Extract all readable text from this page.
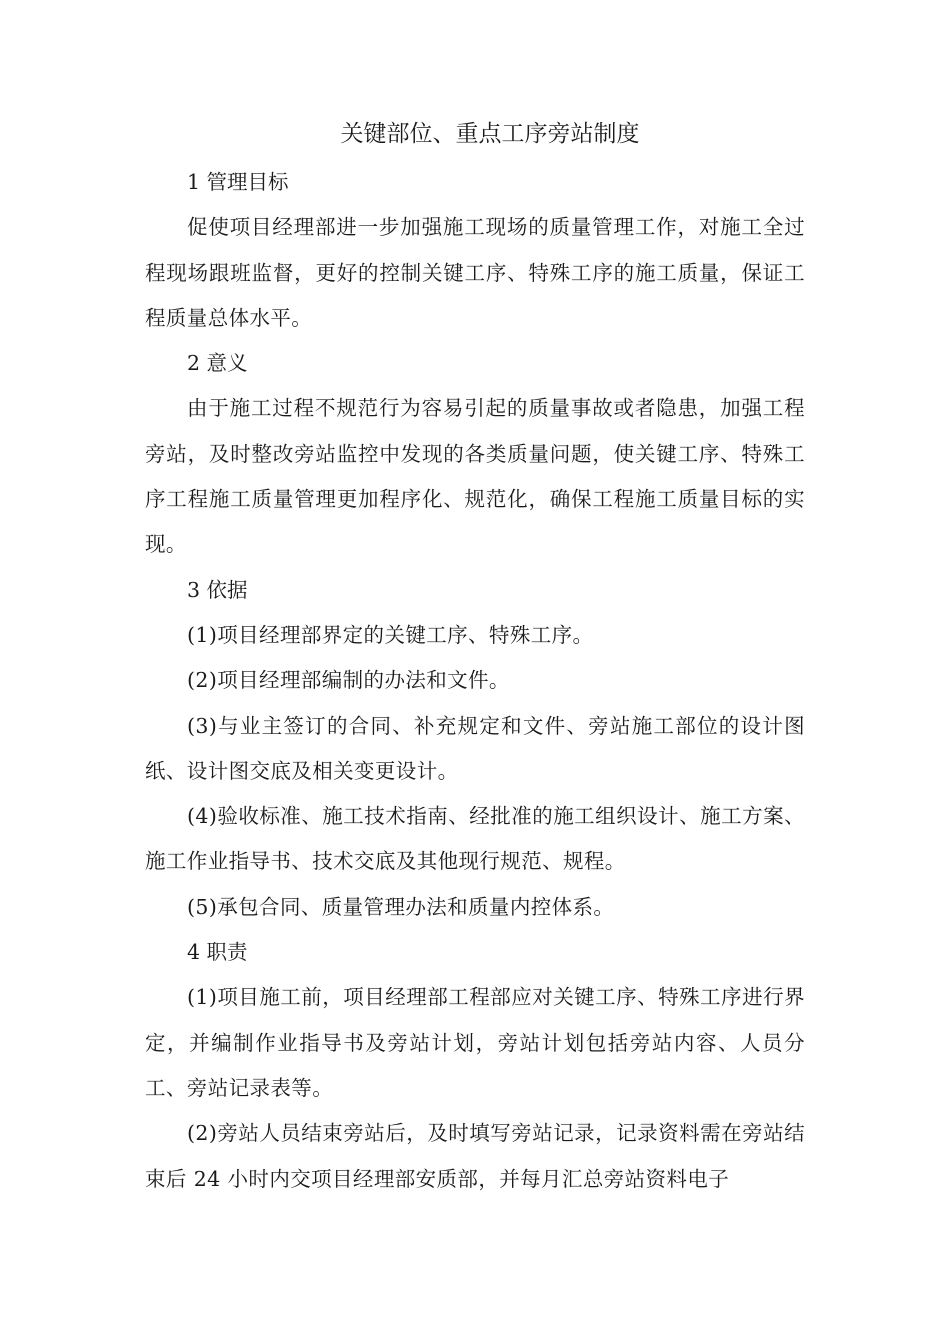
关键部位、重点工序旁站制度

1 管理目标

促使项目经理部进一步加强施工现场的质量管理工作，对施工全过程现场跟班监督，更好的控制关键工序、特殊工序的施工质量，保证工程质量总体水平。

2 意义

由于施工过程不规范行为容易引起的质量事故或者隐患，加强工程旁站，及时整改旁站监控中发现的各类质量问题，使关键工序、特殊工序工程施工质量管理更加程序化、规范化，确保工程施工质量目标的实现。

3 依据

(1)项目经理部界定的关键工序、特殊工序。

(2)项目经理部编制的办法和文件。

(3)与业主签订的合同、补充规定和文件、旁站施工部位的设计图纸、设计图交底及相关变更设计。

(4)验收标准、施工技术指南、经批准的施工组织设计、施工方案、施工作业指导书、技术交底及其他现行规范、规程。

(5)承包合同、质量管理办法和质量内控体系。

4 职责

(1)项目施工前，项目经理部工程部应对关键工序、特殊工序进行界定，并编制作业指导书及旁站计划，旁站计划包括旁站内容、人员分工、旁站记录表等。

(2)旁站人员结束旁站后，及时填写旁站记录，记录资料需在旁站结束后 24 小时内交项目经理部安质部，并每月汇总旁站资料电子
